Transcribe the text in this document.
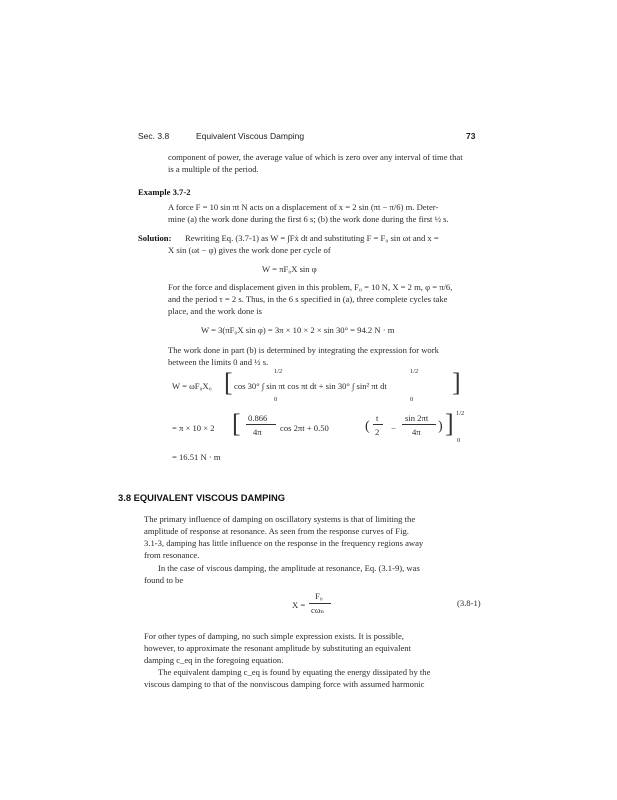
Sec. 3.8	Equivalent Viscous Damping	73
component of power, the average value of which is zero over any interval of time that
is a multiple of the period.
Example 3.7-2
A force F = 10 sin πt N acts on a displacement of x = 2 sin (πt − π/6) m. Deter-
mine (a) the work done during the first 6 s; (b) the work done during the first ½ s.
Solution: Rewriting Eq. (3.7-1) as W = ∫Fẋ dt and substituting F = F₀ sin ωt and x =
X sin (ωt − φ) gives the work done per cycle of
W = πF₀X sin φ
For the force and displacement given in this problem, F₀ = 10 N, X = 2 m, φ = π/6,
and the period τ = 2 s. Thus, in the 6 s specified in (a), three complete cycles take
place, and the work done is
W = 3(πF₀X sin φ) = 3π × 10 × 2 × sin 30° = 94.2 N · m
The work done in part (b) is determined by integrating the expression for work
between the limits 0 and ½ s.
W = ωF₀X₀ [ cos 30° ∫ sin πt cos πt dt + sin 30° ∫ sin² πt dt
1/2
0
1/2
0
]
= π × 10 × 2 [ 0.866
4π cos 2πt + 0.50	(
t
2 −
sin 2πt
4π ) ] 1/2
0
= 16.51 N · m
3.8 EQUIVALENT VISCOUS DAMPING
The primary influence of damping on oscillatory systems is that of limiting the
amplitude of response at resonance. As seen from the response curves of Fig.
3.1-3, damping has little influence on the response in the frequency regions away
from resonance.
In the case of viscous damping, the amplitude at resonance, Eq. (3.1-9), was
found to be
X =
F₀
cωₙ
(3.8-1)
For other types of damping, no such simple expression exists. It is possible,
however, to approximate the resonant amplitude by substituting an equivalent
damping c_eq in the foregoing equation.
The equivalent damping c_eq is found by equating the energy dissipated by the
viscous damping to that of the nonviscous damping force with assumed harmonic
